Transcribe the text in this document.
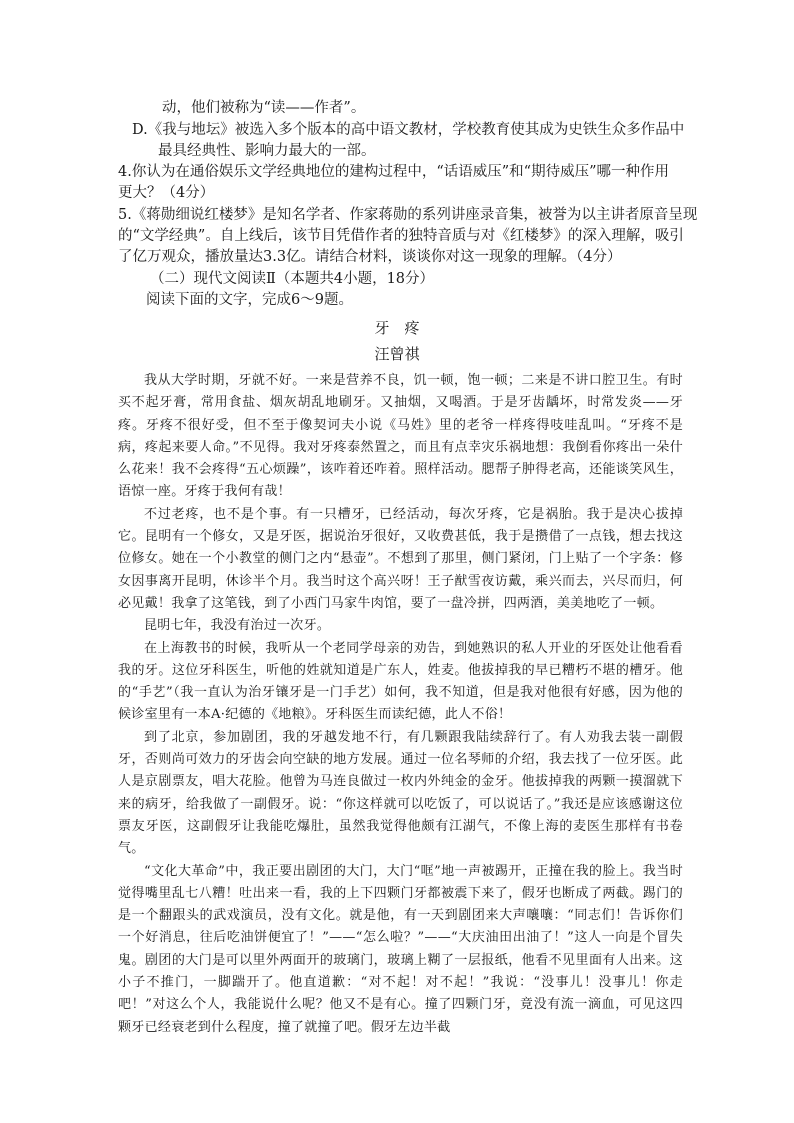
动，他们被称为“读——作者”。

D.《我与地坛》被选入多个版本的高中语文教材，学校教育使其成为史铁生众多作品中

最具经典性、影响力最大的一部。

4.你认为在通俗娱乐文学经典地位的建构过程中，“话语威压”和“期待威压”哪一种作用

更大？（4分）

5.《蒋勋细说红楼梦》是知名学者、作家蒋勋的系列讲座录音集，被誉为以主讲者原音呈现

的“文学经典”。自上线后，该节目凭借作者的独特音质与对《红楼梦》的深入理解，吸引

了亿万观众，播放量达3.3亿。请结合材料，谈谈你对这一现象的理解。（4分）

（二）现代文阅读Ⅱ（本题共4小题，18分）

阅读下面的文字，完成6～9题。

牙　疼
汪曾祺

我从大学时期，牙就不好。一来是营养不良，饥一顿，饱一顿；二来是不讲口腔卫生。有时买不起牙膏，常用食盐、烟灰胡乱地刷牙。又抽烟，又喝酒。于是牙齿龋坏，时常发炎——牙疼。牙疼不很好受，但不至于像契诃夫小说《马姓》里的老爷一样疼得吱哇乱叫。“牙疼不是病，疼起来要人命。”不见得。我对牙疼泰然置之，而且有点幸灾乐祸地想：我倒看你疼出一朵什么花来！我不会疼得“五心烦躁”，该咋着还咋着。照样活动。腮帮子肿得老高，还能谈笑风生，语惊一座。牙疼于我何有哉！

不过老疼，也不是个事。有一只槽牙，已经活动，每次牙疼，它是祸胎。我于是决心拔掉它。昆明有一个修女，又是牙医，据说治牙很好，又收费甚低，我于是攒借了一点钱，想去找这位修女。她在一个小教堂的侧门之内“悬壶”。不想到了那里，侧门紧闭，门上贴了一个字条：修女因事离开昆明，休诊半个月。我当时这个高兴呀！王子猷雪夜访戴，乘兴而去，兴尽而归，何必见戴！我拿了这笔钱，到了小西门马家牛肉馆，要了一盘冷拼，四两酒，美美地吃了一顿。

昆明七年，我没有治过一次牙。

在上海教书的时候，我听从一个老同学母亲的劝告，到她熟识的私人开业的牙医处让他看看我的牙。这位牙科医生，听他的姓就知道是广东人，姓麦。他拔掉我的早已糟朽不堪的槽牙。他的“手艺”（我一直认为治牙镶牙是一门手艺）如何，我不知道，但是我对他很有好感，因为他的候诊室里有一本A·纪德的《地粮》。牙科医生而读纪德，此人不俗！

到了北京，参加剧团，我的牙越发地不行，有几颗跟我陆续辞行了。有人劝我去装一副假牙，否则尚可效力的牙齿会向空缺的地方发展。通过一位名琴师的介绍，我去找了一位牙医。此人是京剧票友，唱大花脸。他曾为马连良做过一枚内外纯金的金牙。他拔掉我的两颗一摸溜就下来的病牙，给我做了一副假牙。说：“你这样就可以吃饭了，可以说话了。”我还是应该感谢这位票友牙医，这副假牙让我能吃爆肚，虽然我觉得他颇有江湖气，不像上海的麦医生那样有书卷气。

“文化大革命”中，我正要出剧团的大门，大门“哐”地一声被踢开，正撞在我的脸上。我当时觉得嘴里乱七八糟！吐出来一看，我的上下四颗门牙都被震下来了，假牙也断成了两截。踢门的是一个翻跟头的武戏演员，没有文化。就是他，有一天到剧团来大声嚷嚷：“同志们！告诉你们一个好消息，往后吃油饼便宜了！”——“怎么啦？”——“大庆油田出油了！”这人一向是个冒失鬼。剧团的大门是可以里外两面开的玻璃门，玻璃上糊了一层报纸，他看不见里面有人出来。这小子不推门，一脚踹开了。他直道歉：“对不起！对不起！”我说：“没事儿！没事儿！你走吧！”对这么个人，我能说什么呢？他又不是有心。撞了四颗门牙，竟没有流一滴血，可见这四颗牙已经衰老到什么程度，撞了就撞了吧。假牙左边半截
